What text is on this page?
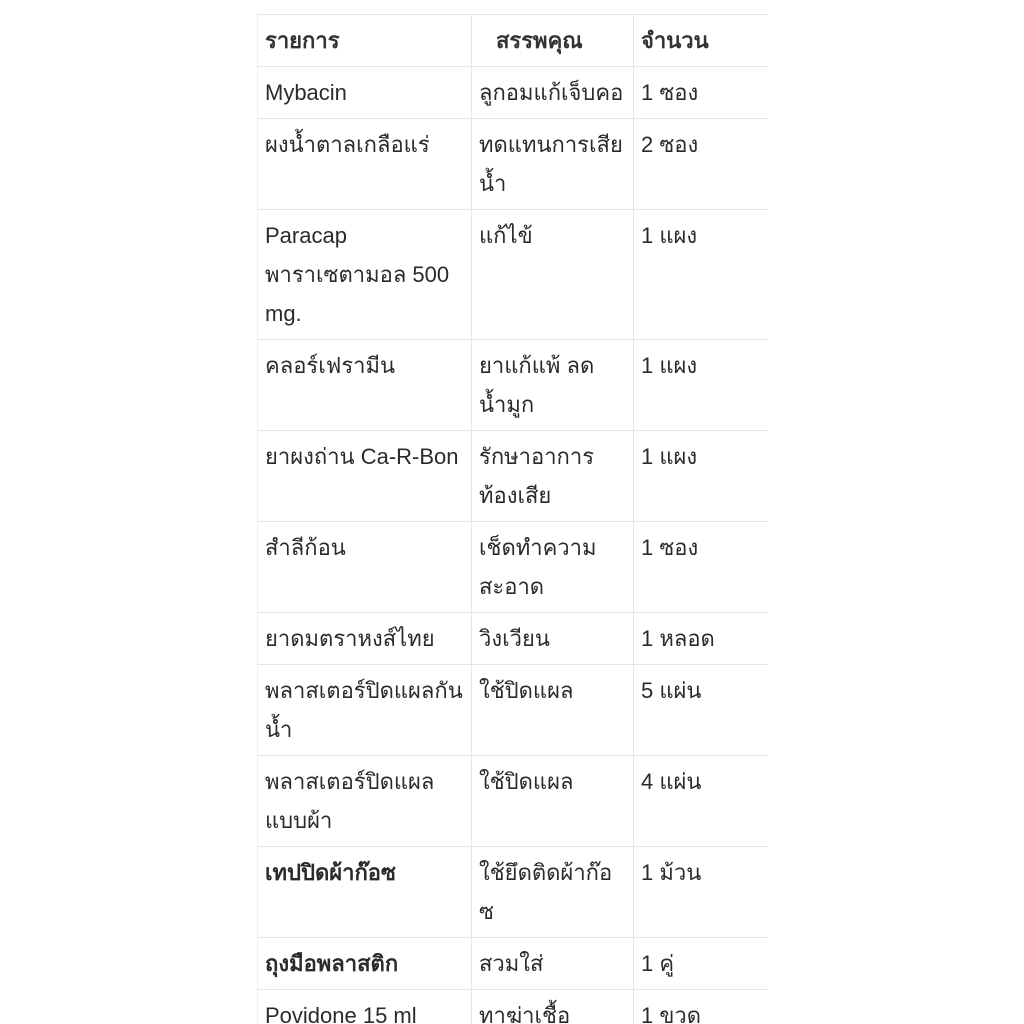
รายการ	สรรพคุณ	จำนวน
Mybacin	ลูกอมแก้เจ็บคอ	1 ซอง
ผงน้ำตาลเกลือแร่	ทดแทนการเสียน้ำ	2 ซอง
Paracap พาราเซตามอล 500 mg.	แก้ไข้	1 แผง
คลอร์เฟรามีน	ยาแก้แพ้ ลดน้ำมูก	1 แผง
ยาผงถ่าน Ca-R-Bon	รักษาอาการท้องเสีย	1 แผง
สำลีก้อน	เช็ดทำความสะอาด	1 ซอง
ยาดมตราหงส์ไทย	วิงเวียน	1 หลอด
พลาสเตอร์ปิดแผลกันน้ำ	ใช้ปิดแผล	5 แผ่น
พลาสเตอร์ปิดแผลแบบผ้า	ใช้ปิดแผล	4 แผ่น
เทปปิดผ้าก๊อซ	ใช้ยึดติดผ้าก๊อซ	1 ม้วน
ถุงมือพลาสติก	สวมใส่	1 คู่
Povidone 15 ml	ทาฆ่าเชื้อ	1 ขวด
